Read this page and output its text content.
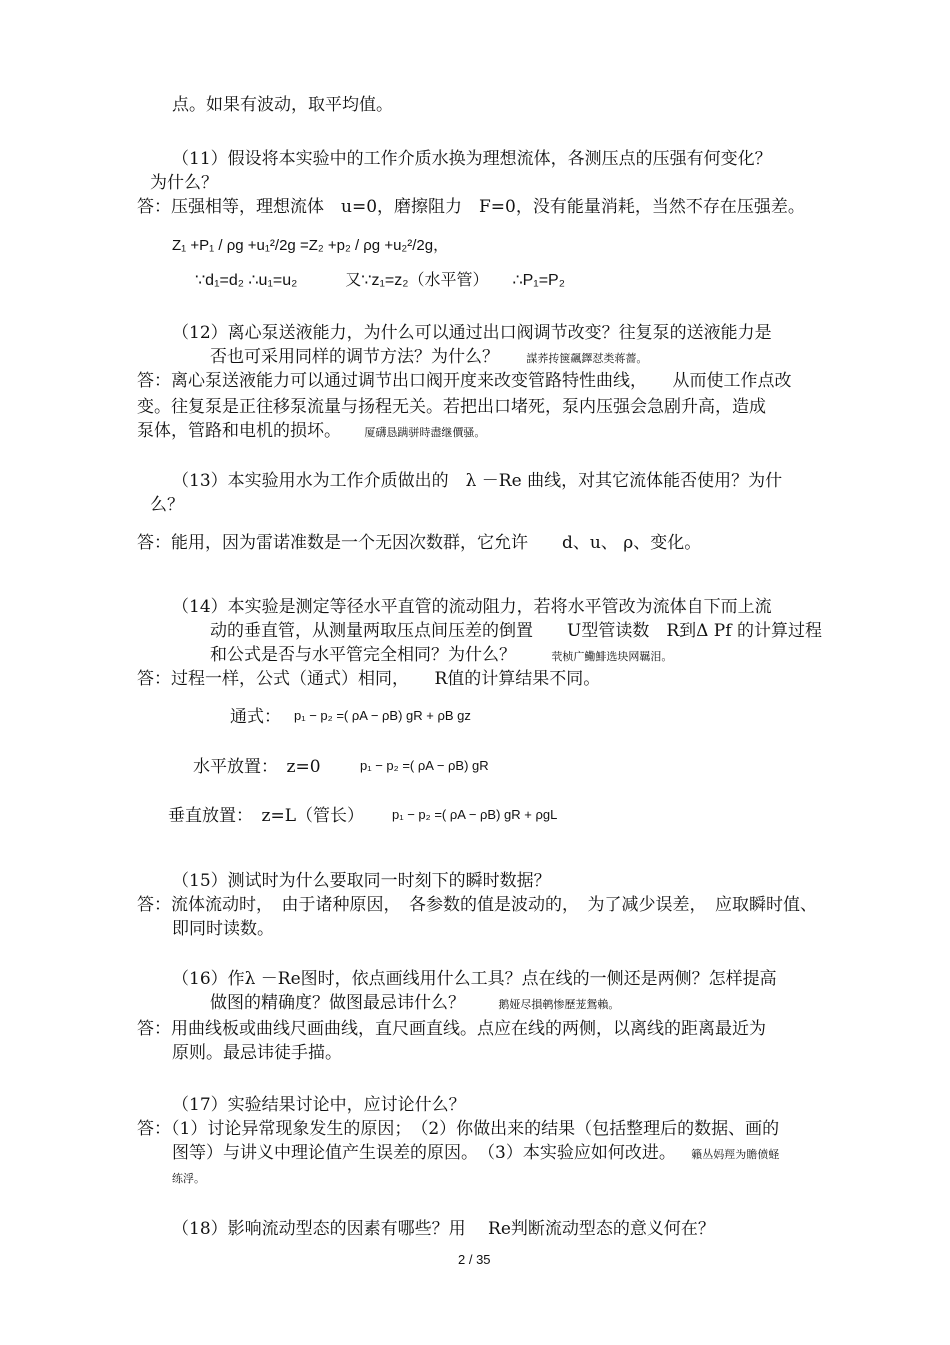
点。如果有波动，取平均值。
（11）假设将本实验中的工作介质水换为理想流体，各测压点的压强有何变化？
为什么？
答：压强相等，理想流体　u=0，磨擦阻力　F=0，没有能量消耗，当然不存在压强差。
Z₁ +P₁ / ρg +u₁²/2g =Z₂ +p₂ / ρg +u₂²/2g，
∵d₁=d₂ ∴u₁=u₂　　　又∵z₁=z₂（水平管）　　∴P₁=P₂
（12）离心泵送液能力，为什么可以通过出口阀调节改变？往复泵的送液能力是
否也可采用同样的调节方法？为什么？ 謀荞抟箧飆鐸怼类蒋薔。
答：离心泵送液能力可以通过调节出口阀开度来改变管路特性曲线，　　从而使工作点改
变。往复泵是正往移泵流量与扬程无关。若把出口堵死，泵内压强会急剧升高，造成
泵体，管路和电机的损坏。 厦礴恳蹒骈時盡继價骚。
（13）本实验用水为工作介质做出的　λ －Re 曲线，对其它流体能否使用？为什
么？
答：能用，因为雷诺准数是一个无因次数群，它允许　　d、u、 ρ、变化。
（14）本实验是测定等径水平直管的流动阻力，若将水平管改为流体自下而上流
动的垂直管，从测量两取压点间压差的倒置　　U型管读数　R到Δ Pf 的计算过程
和公式是否与水平管完全相同？为什么？	茕桢广鰳鯡选块网羈泪。
答：过程一样，公式（通式）相同，　　R值的计算结果不同。
通式： p₁ − p₂ =( ρA − ρB) gR + ρB gz
水平放置：　z=0	p₁ − p₂ =( ρA − ρB) gR
垂直放置：　z=L（管长） p₁ − p₂ =( ρA − ρB) gR + ρgL
（15）测试时为什么要取同一时刻下的瞬时数据？
答：流体流动时，　由于诸种原因，　各参数的值是波动的，　为了减少误差，　应取瞬时值、
即同时读数。
（16）作λ －Re图时，依点画线用什么工具？点在线的一侧还是两侧？怎样提高
做图的精确度？做图最忌讳什么？	鹅娅尽損鹌惨歷茏鴛賴。
答：用曲线板或曲线尺画曲线，直尺画直线。点应在线的两侧，以离线的距离最近为
原则。最忌讳徒手描。
（17）实验结果讨论中，应讨论什么？
答：（1）讨论异常现象发生的原因；　（2）你做出来的结果（包括整理后的数据、画的
图等）与讲义中理论值产生误差的原因。　（3）本实验应如何改进。 籟丛妈羥为贍偾蛏
练浮。
（18）影响流动型态的因素有哪些？用　 Re判断流动型态的意义何在？
2 / 35
